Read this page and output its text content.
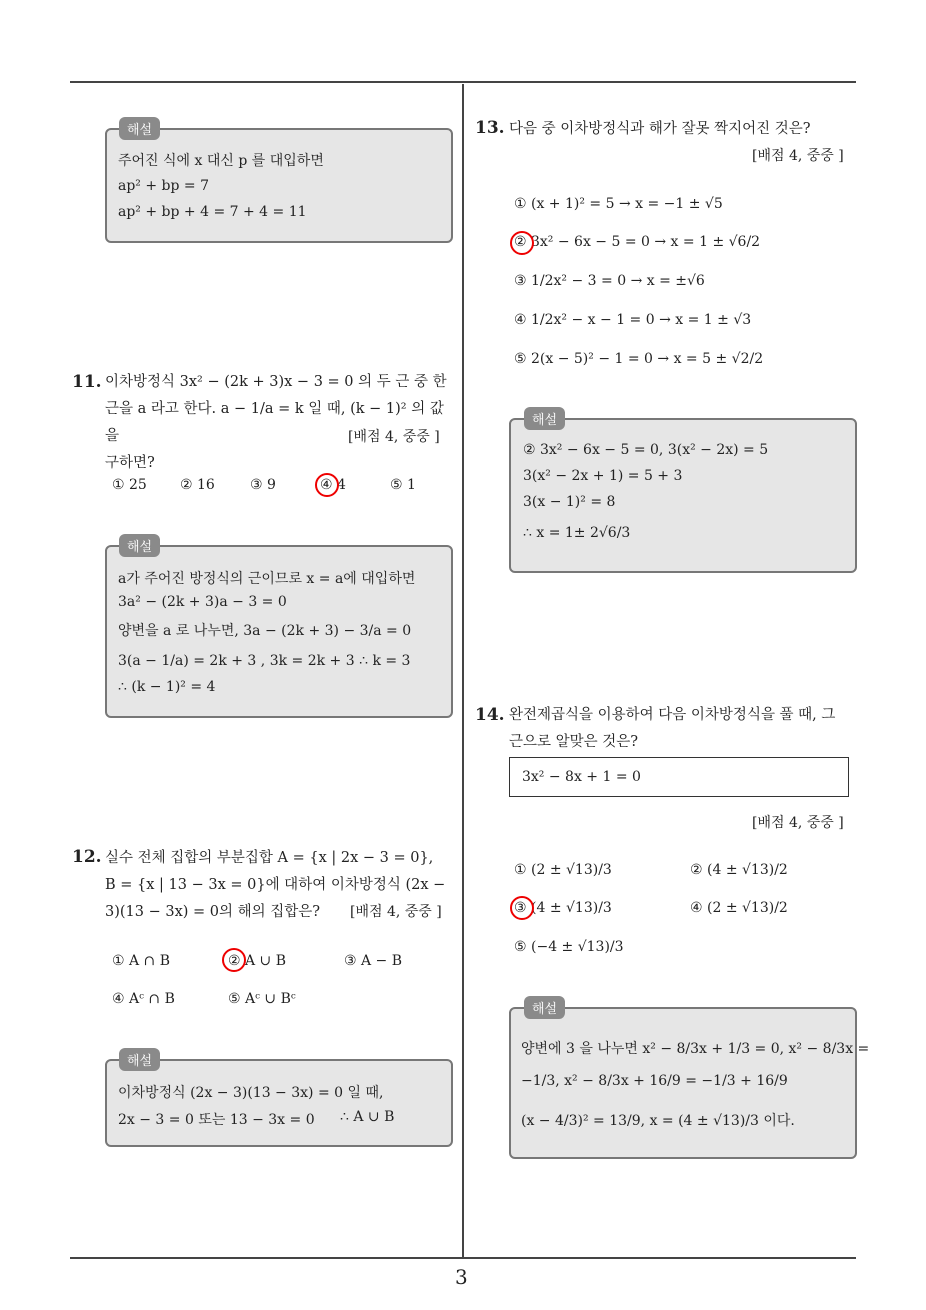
3
해설
주어진 식에 x 대신 p 를 대입하면
ap² + bp = 7
ap² + bp + 4 = 7 + 4 = 11
11. 이차방정식 3x² − (2k + 3)x − 3 = 0 의 두 근 중 한
근을 a 라고 한다. a − 1/a = k 일 때, (k − 1)² 의 값을
구하면?
[배점 4, 중중 ]
① 25 ② 16	③ 9	④ 4	⑤ 1
해설
a가 주어진 방정식의 근이므로 x = a에 대입하면
3a² − (2k + 3)a − 3 = 0
양변을 a 로 나누면, 3a − (2k + 3) − 3/a = 0
3(a − 1/a) = 2k + 3 , 3k = 2k + 3 ∴ k = 3
∴ (k − 1)² = 4
12. 실수 전체 집합의 부분집합 A = {x | 2x − 3 = 0},
B = {x | 13 − 3x = 0}에 대하여 이차방정식 (2x −
3)(13 − 3x) = 0의 해의 집합은?	[배점 4, 중중 ]
① A ∩ B	② A ∪ B	③ A − B
④ Aᶜ ∩ B	⑤ Aᶜ ∪ Bᶜ
해설
이차방정식 (2x − 3)(13 − 3x) = 0 일 때,
2x − 3 = 0 또는 13 − 3x = 0 ∴ A ∪ B
13. 다음 중 이차방정식과 해가 잘못 짝지어진 것은?
[배점 4, 중중 ]
① (x + 1)² = 5 → x = −1 ± √5
② 3x² − 6x − 5 = 0 → x = 1 ± √6/2
③ 1/2x² − 3 = 0 → x = ±√6
④ 1/2x² − x − 1 = 0 → x = 1 ± √3
⑤ 2(x − 5)² − 1 = 0 → x = 5 ± √2/2
해설
② 3x² − 6x − 5 = 0, 3(x² − 2x) = 5
3(x² − 2x + 1) = 5 + 3
3(x − 1)² = 8
∴ x = 1± 2√6/3
14. 완전제곱식을 이용하여 다음 이차방정식을 풀 때, 그
근으로 알맞은 것은?
3x² − 8x + 1 = 0
[배점 4, 중중 ]
① (2 ± √13)/3	② (4 ± √13)/2
③ (4 ± √13)/3	④ (2 ± √13)/2
⑤ (−4 ± √13)/3
해설
양변에 3 을 나누면 x² − 8/3x + 1/3 = 0, x² − 8/3x =
−1/3, x² − 8/3x + 16/9 = −1/3 + 16/9
(x − 4/3)² = 13/9, x = (4 ± √13)/3 이다.
